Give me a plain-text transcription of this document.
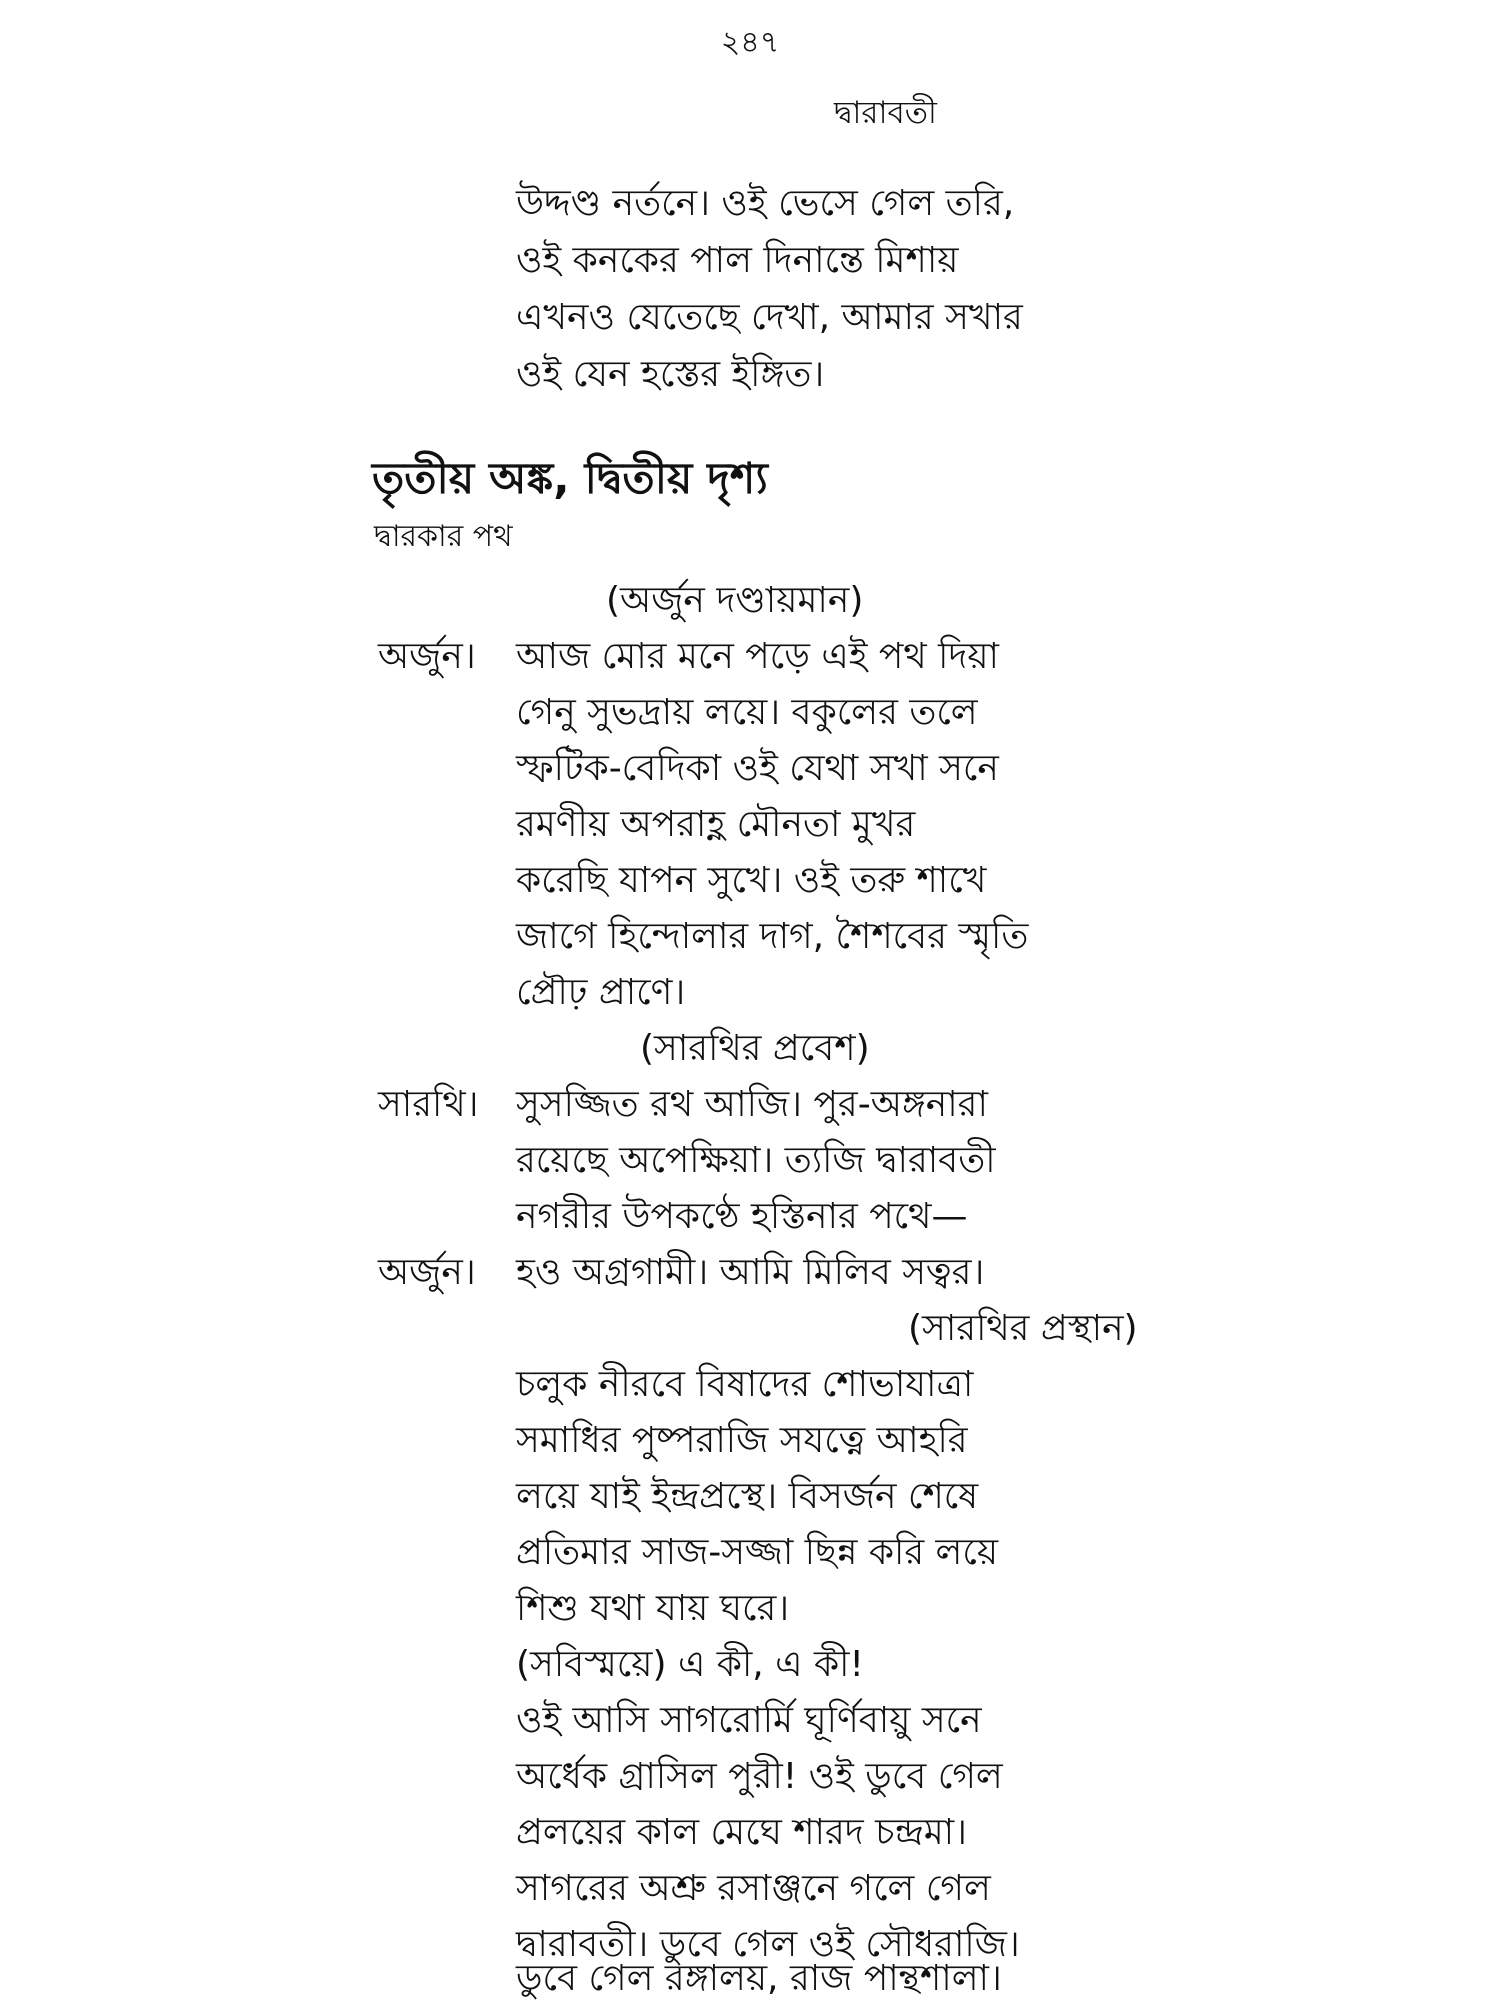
২৪৭
দ্বারাবতী
উদ্দণ্ড নর্তনে। ওই ভেসে গেল তরি,
ওই কনকের পাল দিনান্তে মিশায়
এখনও যেতেছে দেখা, আমার সখার
ওই যেন হস্তের ইঙ্গিত।
তৃতীয় অঙ্ক, দ্বিতীয় দৃশ্য
দ্বারকার পথ
(অর্জুন দণ্ডায়মান)
অর্জুন। আজ মোর মনে পড়ে এই পথ দিয়া
গেনু সুভদ্রায় লয়ে। বকুলের তলে
স্ফটিক-বেদিকা ওই যেথা সখা সনে
রমণীয় অপরাহ্ণ মৌনতা মুখর
করেছি যাপন সুখে। ওই তরু শাখে
জাগে হিন্দোলার দাগ, শৈশবের স্মৃতি
প্রৌঢ় প্রাণে।
(সারথির প্রবেশ)
সারথি। সুসজ্জিত রথ আজি। পুর-অঙ্গনারা
রয়েছে অপেক্ষিয়া। ত্যজি দ্বারাবতী
নগরীর উপকণ্ঠে হস্তিনার পথে—
অর্জুন। হও অগ্রগামী। আমি মিলিব সত্বর।
(সারথির প্রস্থান)
চলুক নীরবে বিষাদের শোভাযাত্রা
সমাধির পুষ্পরাজি সযত্নে আহরি
লয়ে যাই ইন্দ্রপ্রস্থে। বিসর্জন শেষে
প্রতিমার সাজ-সজ্জা ছিন্ন করি লয়ে
শিশু যথা যায় ঘরে।
(সবিস্ময়ে) এ কী, এ কী!
ওই আসি সাগরোর্মি ঘূর্ণিবায়ু সনে
অর্ধেক গ্রাসিল পুরী! ওই ডুবে গেল
প্রলয়ের কাল মেঘে শারদ চন্দ্রমা।
সাগরের অশ্রু রসাঞ্জনে গলে গেল
দ্বারাবতী। ডুবে গেল ওই সৌধরাজি।
ডুবে গেল রঙ্গালয়, রাজ পান্থশালা।
